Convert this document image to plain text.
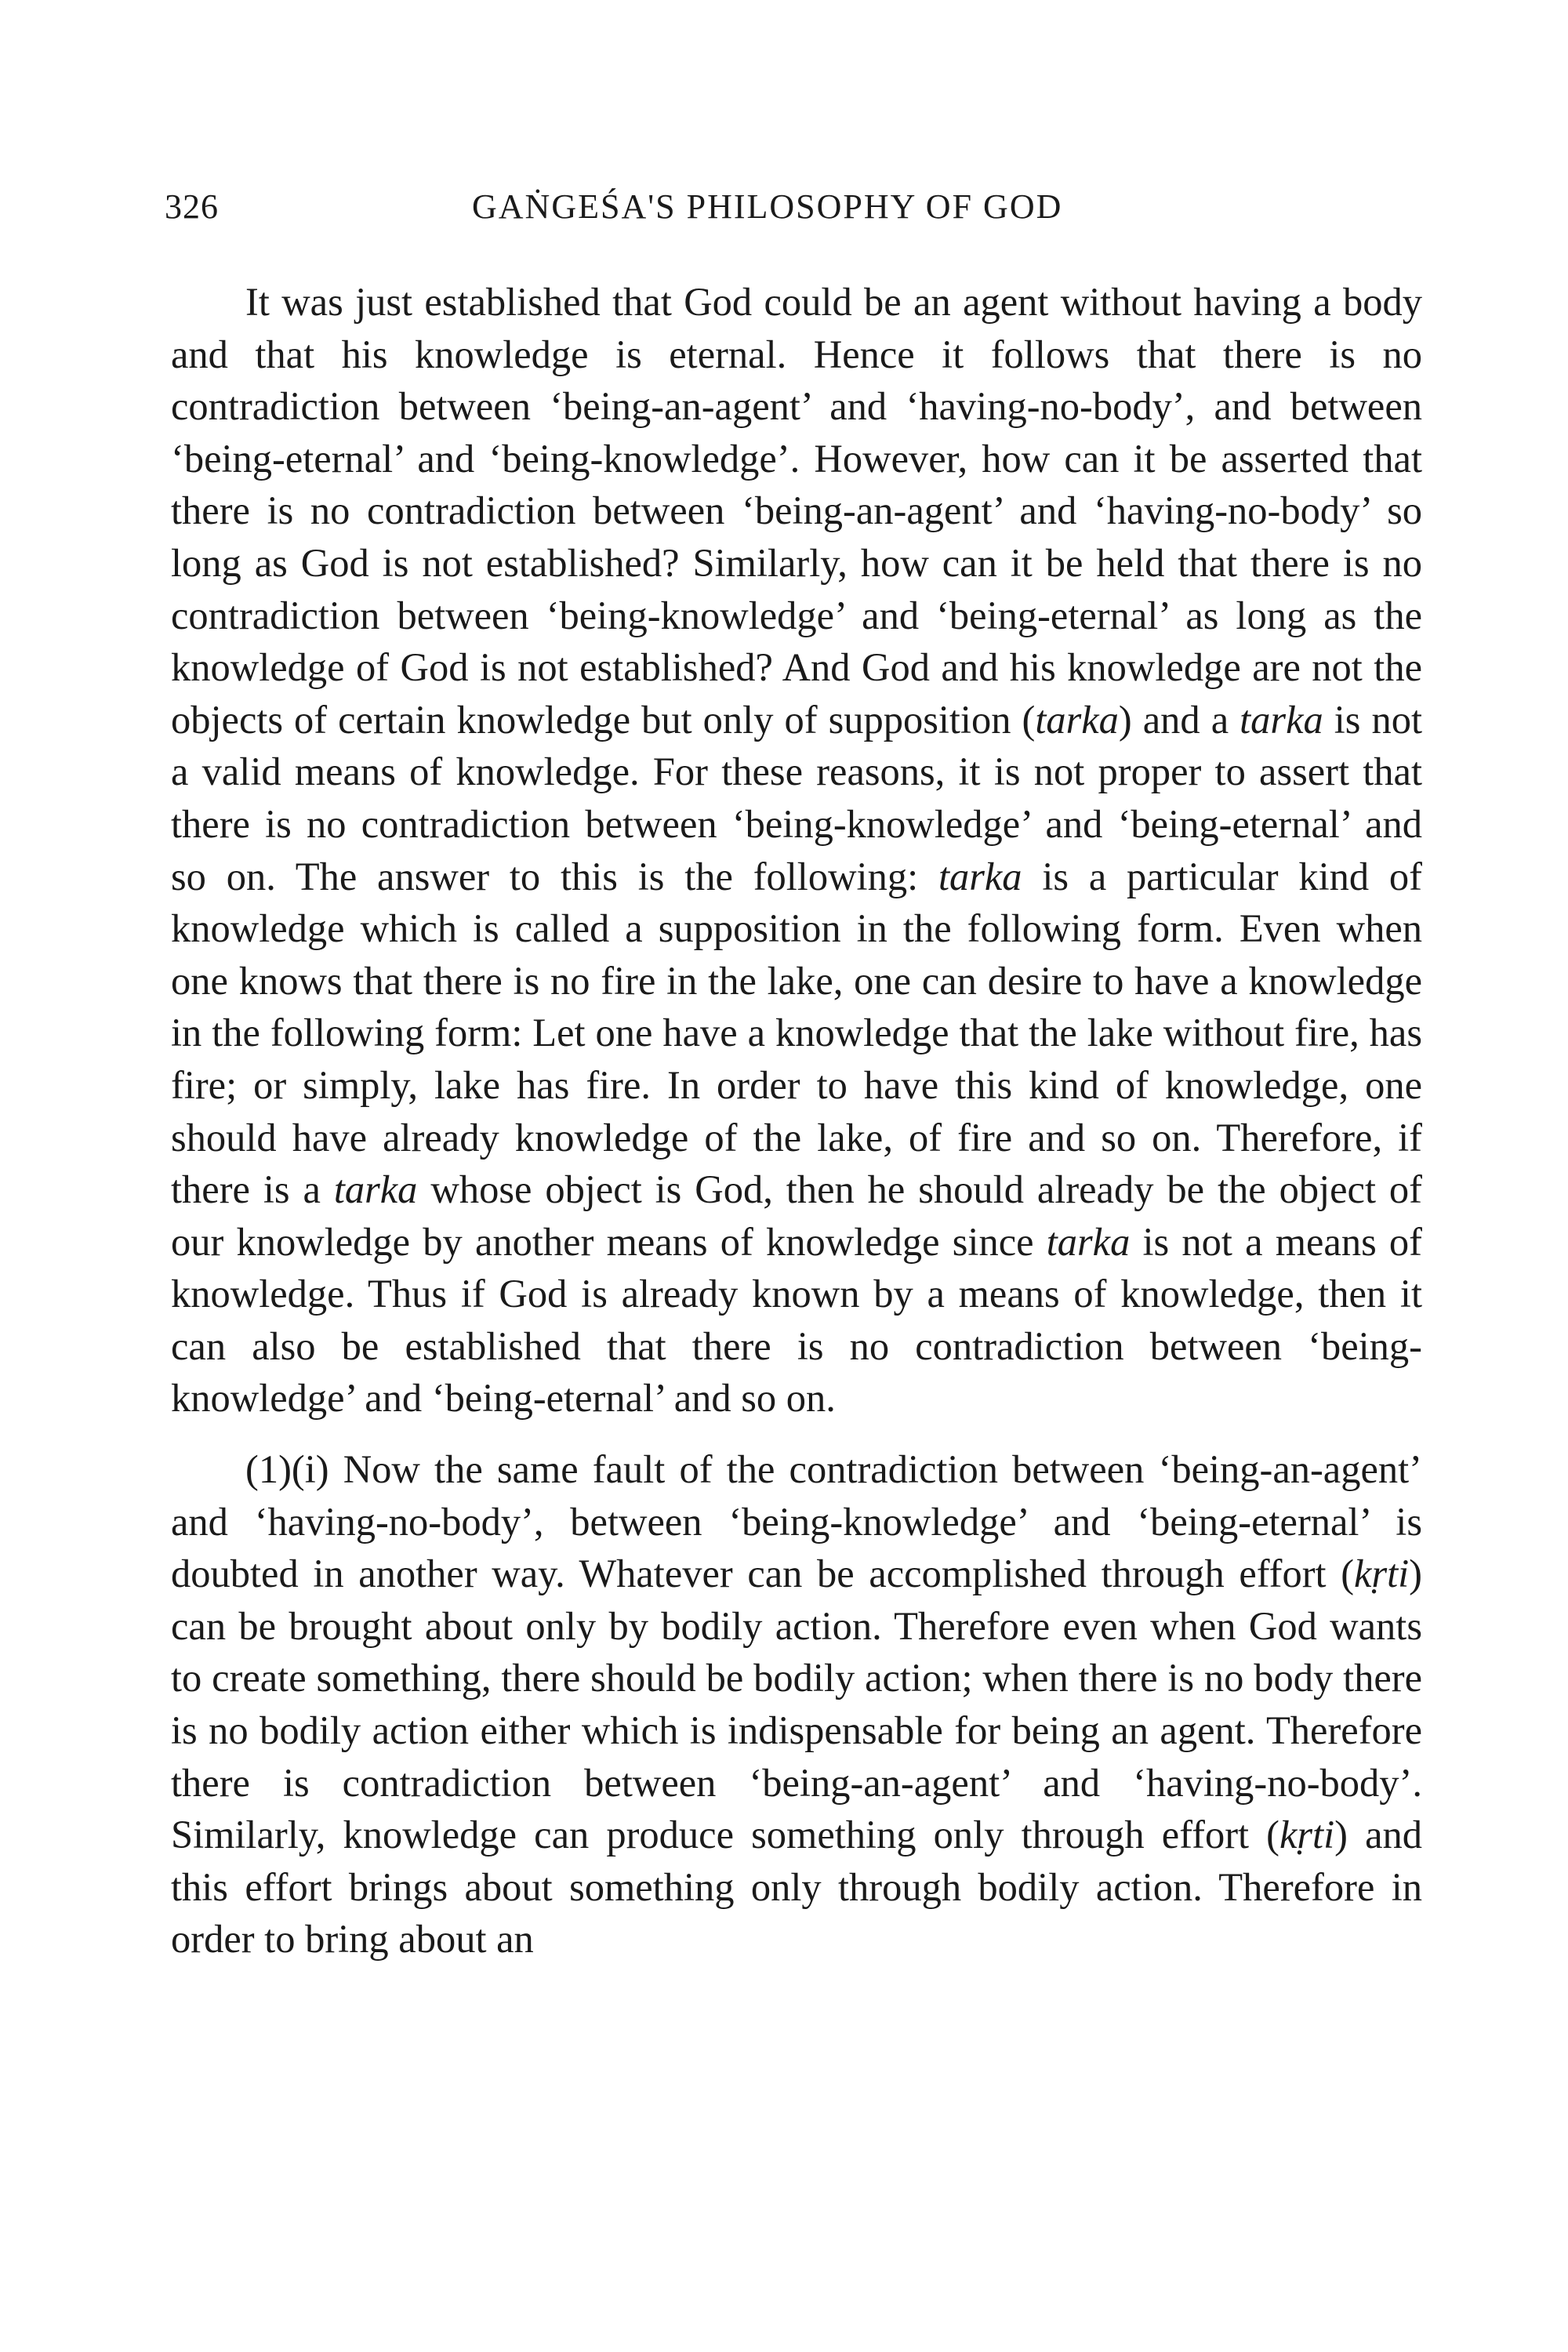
326	GAṄGEŚA'S PHILOSOPHY OF GOD

It was just established that God could be an agent without having a body and that his knowledge is eternal. Hence it follows that there is no contradiction between ‘being-an-agent’ and ‘having-no-body’, and between ‘being-eternal’ and ‘being-knowledge’. However, how can it be asserted that there is no contradiction between ‘being-an-agent’ and ‘having-no-body’ so long as God is not established? Similarly, how can it be held that there is no contradiction between ‘being-knowledge’ and ‘being-eternal’ as long as the knowledge of God is not established? And God and his knowledge are not the objects of certain knowledge but only of supposition (tarka) and a tarka is not a valid means of knowledge. For these reasons, it is not proper to assert that there is no contradiction between ‘being-knowledge’ and ‘being-eternal’ and so on. The answer to this is the following: tarka is a particular kind of knowledge which is called a supposition in the following form. Even when one knows that there is no fire in the lake, one can desire to have a knowledge in the following form: Let one have a knowledge that the lake without fire, has fire; or simply, lake has fire. In order to have this kind of knowledge, one should have already knowledge of the lake, of fire and so on. Therefore, if there is a tarka whose object is God, then he should already be the object of our knowledge by another means of knowledge since tarka is not a means of knowledge. Thus if God is already known by a means of knowledge, then it can also be established that there is no contradiction between ‘being-knowledge’ and ‘being-eternal’ and so on.

(1)(i) Now the same fault of the contradiction between ‘being-an-agent’ and ‘having-no-body’, between ‘being-knowledge’ and ‘being-eternal’ is doubted in another way. Whatever can be accomplished through effort (kṛti) can be brought about only by bodily action. Therefore even when God wants to create something, there should be bodily action; when there is no body there is no bodily action either which is indispensable for being an agent. Therefore there is contradiction between ‘being-an-agent’ and ‘having-no-body’. Similarly, knowledge can produce something only through effort (kṛti) and this effort brings about something only through bodily action. Therefore in order to bring about an
